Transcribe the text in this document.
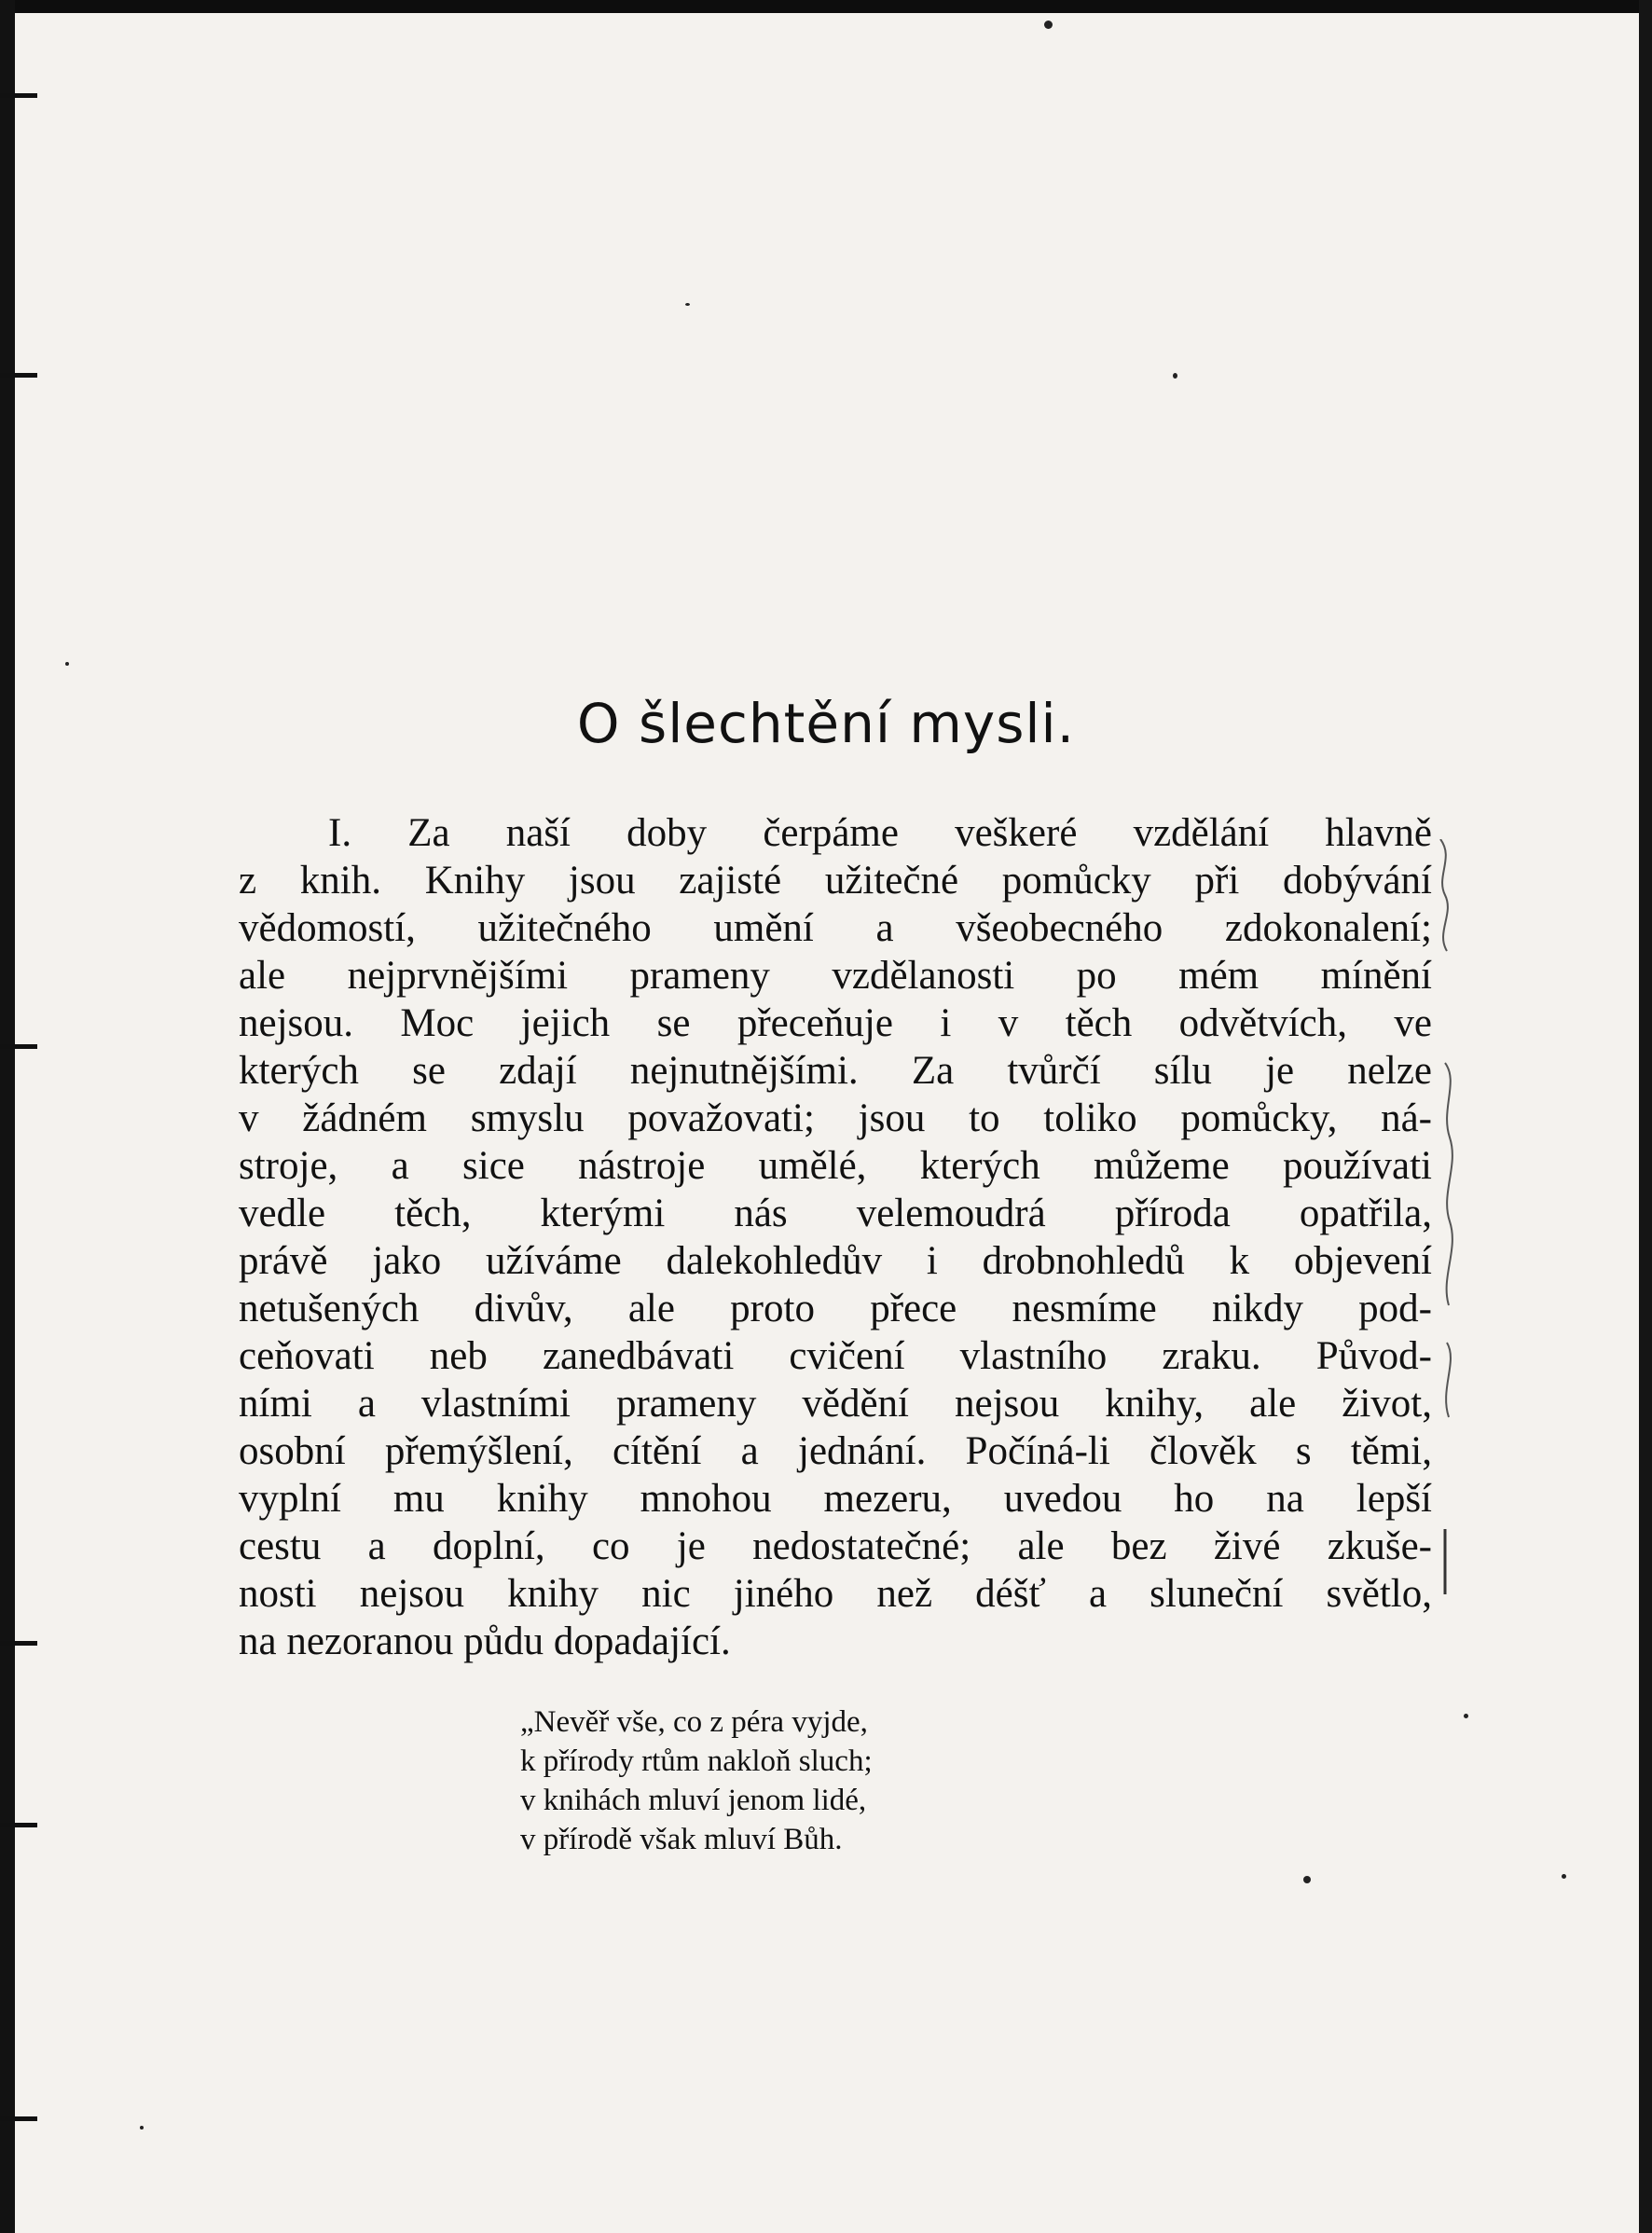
O šlechtění mysli.
I. Za naší doby čerpáme veškeré vzdělání hlavně
z knih. Knihy jsou zajisté užitečné pomůcky při dobývání
vědomostí, užitečného umění a všeobecného zdokonalení;
ale nejprvnějšími prameny vzdělanosti po mém mínění
nejsou. Moc jejich se přeceňuje i v těch odvětvích, ve
kterých se zdají nejnutnějšími. Za tvůrčí sílu je nelze
v žádném smyslu považovati; jsou to toliko pomůcky, ná-
stroje, a sice nástroje umělé, kterých můžeme používati
vedle těch, kterými nás velemoudrá příroda opatřila,
právě jako užíváme dalekohledův i drobnohledů k objevení
netušených divův, ale proto přece nesmíme nikdy pod-
ceňovati neb zanedbávati cvičení vlastního zraku. Původ-
ními a vlastními prameny vědění nejsou knihy, ale život,
osobní přemýšlení, cítění a jednání. Počíná-li člověk s těmi,
vyplní mu knihy mnohou mezeru, uvedou ho na lepší
cestu a doplní, co je nedostatečné; ale bez živé zkuše-
nosti nejsou knihy nic jiného než déšť a sluneční světlo,
na nezoranou půdu dopadající.
„Nevěř vše, co z péra vyjde,
k přírody rtům nakloň sluch;
v knihách mluví jenom lidé,
v přírodě však mluví Bůh.
